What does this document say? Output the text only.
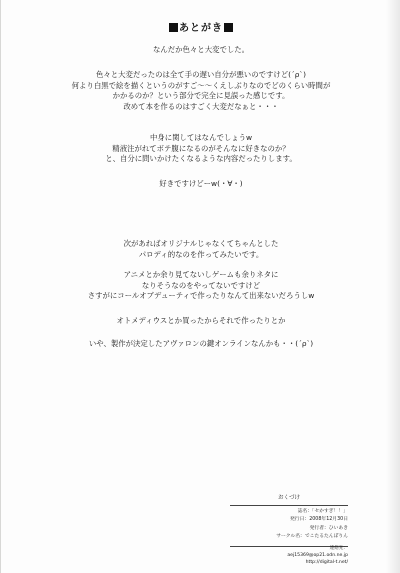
あとがき
なんだか色々と大変でした。
色々と大変だったのは全て手の遅い自分が悪いのですけど(´ρ`)
何より白黒で絵を描くというのがすご～～くえしぶりなのでどのくらい時間が
かかるのか？という部分で完全に見誤った感じです。
改めて本を作るのはすごく大変だなぁと・・・
中身に関してはなんでしょうw
精液注がれてボテ腹になるのがそんなに好きなのか？
と、自分に問いかけたくなるような内容だったりします。
好きですけどーw(・∀・)
次があればオリジナルじゃなくてちゃんとした
パロディ的なのを作ってみたいです。
アニメとか余り見てないしゲームも余りネタに
なりそうなのをやってないですけど
さすがにコールオブデューティで作ったりなんて出来ないだろうしw
オトメディウスとか買ったからそれで作ったりとか
いや、製作が決定したアヴァロンの鍵オンラインなんかも・・(´ρ`)
おくづけ
誌名：「セかすぎ！！」
発行日：2008年12月30日
発行者：ひいあき
サークル名：でこたるたんぽりん
連絡先：
aej15369@op21.odn.ne.jp
http://digital-t.net/
